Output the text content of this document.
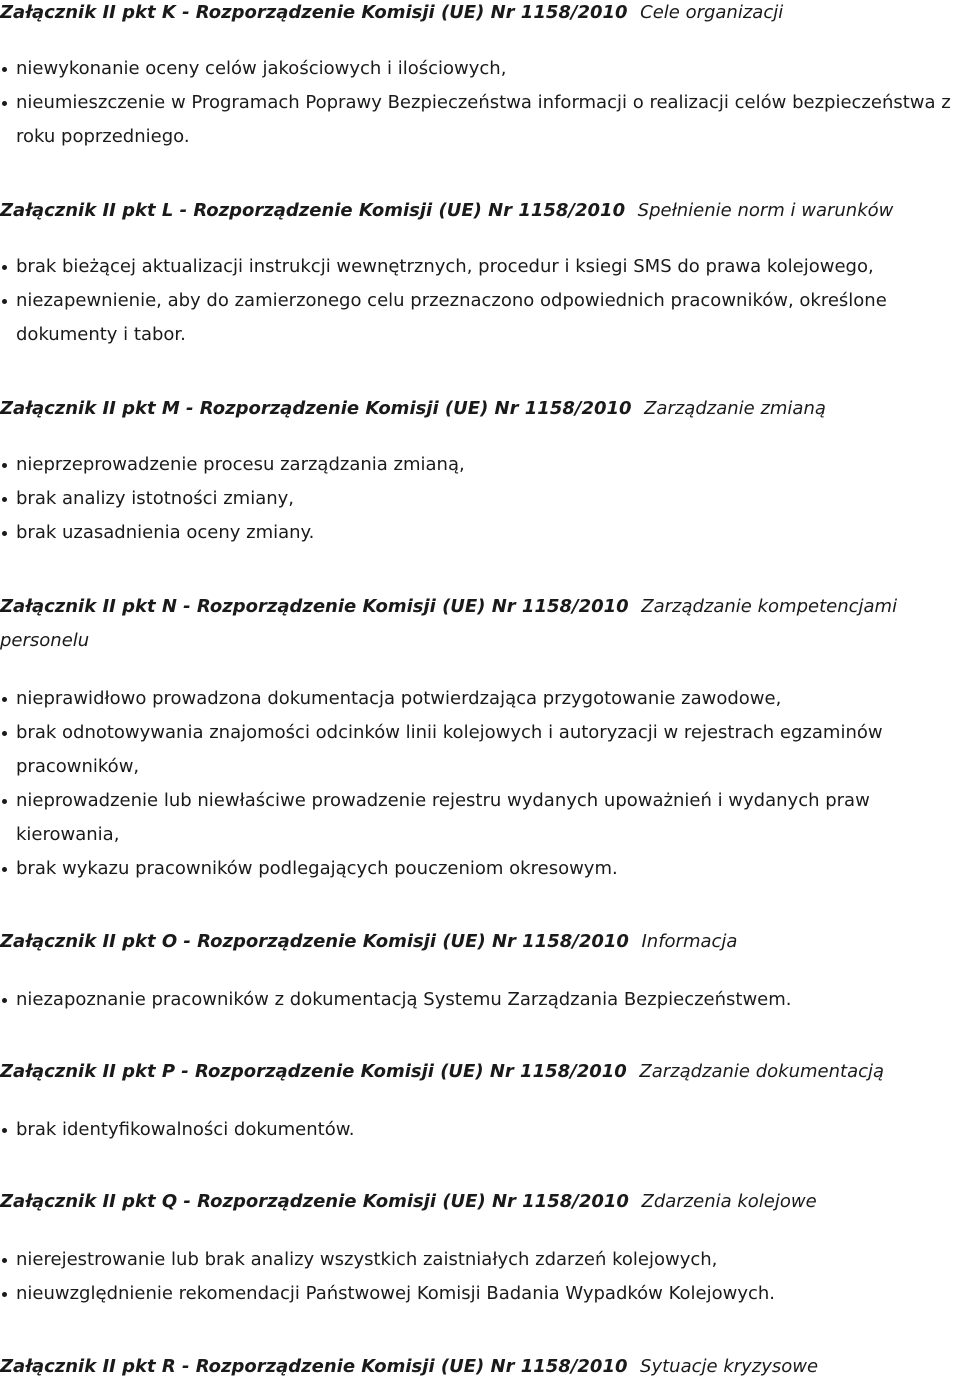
Załącznik II pkt K - Rozporządzenie Komisji (UE) Nr 1158/2010 Cele organizacji
niewykonanie oceny celów jakościowych i ilościowych,
nieumieszczenie w Programach Poprawy Bezpieczeństwa informacji o realizacji celów bezpieczeństwa z roku poprzedniego.
Załącznik II pkt L - Rozporządzenie Komisji (UE) Nr 1158/2010 Spełnienie norm i warunków
brak bieżącej aktualizacji instrukcji wewnętrznych, procedur i ksiegi SMS do prawa kolejowego,
niezapewnienie, aby do zamierzonego celu przeznaczono odpowiednich pracowników, określone dokumenty i tabor.
Załącznik II pkt M - Rozporządzenie Komisji (UE) Nr 1158/2010 Zarządzanie zmianą
nieprzeprowadzenie procesu zarządzania zmianą,
brak analizy istotności zmiany,
brak uzasadnienia oceny zmiany.
Załącznik II pkt N - Rozporządzenie Komisji (UE) Nr 1158/2010 Zarządzanie kompetencjami personelu
nieprawidłowo prowadzona dokumentacja potwierdzająca przygotowanie zawodowe,
brak odnotowywania znajomości odcinków linii kolejowych i autoryzacji w rejestrach egzaminów pracowników,
nieprowadzenie lub niewłaściwe prowadzenie rejestru wydanych upoważnień i wydanych praw kierowania,
brak wykazu pracowników podlegających pouczeniom okresowym.
Załącznik II pkt O - Rozporządzenie Komisji (UE) Nr 1158/2010 Informacja
niezapoznanie pracowników z dokumentacją Systemu Zarządzania Bezpieczeństwem.
Załącznik II pkt P - Rozporządzenie Komisji (UE) Nr 1158/2010 Zarządzanie dokumentacją
brak identyfikowalności dokumentów.
Załącznik II pkt Q - Rozporządzenie Komisji (UE) Nr 1158/2010 Zdarzenia kolejowe
nierejestrowanie lub brak analizy wszystkich zaistniałych zdarzeń kolejowych,
nieuwzględnienie rekomendacji Państwowej Komisji Badania Wypadków Kolejowych.
Załącznik II pkt R - Rozporządzenie Komisji (UE) Nr 1158/2010 Sytuacje kryzysowe
